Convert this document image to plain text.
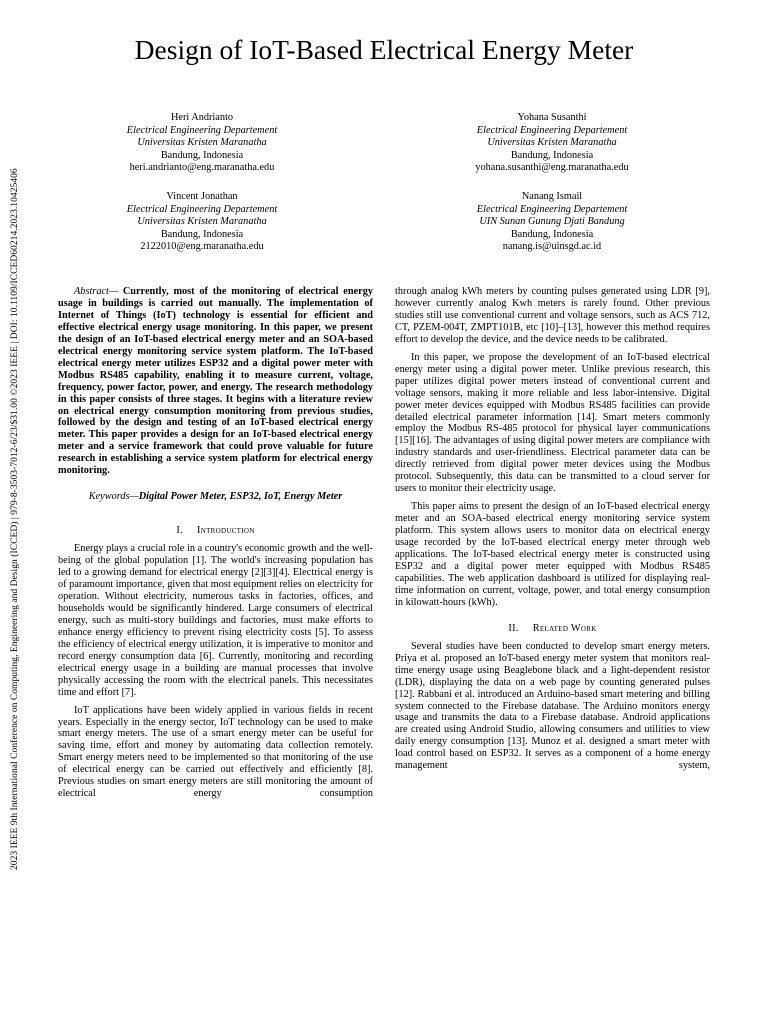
2023 IEEE 9th International Conference on Computing, Engineering and Design (ICCED) | 979-8-3503-7012-6/23/$31.00 ©2023 IEEE | DOI: 10.1109/ICCED60214.2023.10425406
Design of IoT-Based Electrical Energy Meter
Heri Andrianto
Electrical Engineering Departement
Universitas Kristen Maranatha
Bandung, Indonesia
heri.andrianto@eng.maranatha.edu
Yohana Susanthi
Electrical Engineering Departement
Universitas Kristen Maranatha
Bandung, Indonesia
yohana.susanthi@eng.maranatha.edu
Vincent Jonathan
Electrical Engineering Departement
Universitas Kristen Maranatha
Bandung, Indonesia
2122010@eng.maranatha.edu
Nanang Ismail
Electrical Engineering Departement
UIN Sunan Gunung Djati Bandung
Bandung, Indonesia
nanang.is@uinsgd.ac.id

Abstract— Currently, most of the monitoring of electrical energy usage in buildings is carried out manually. The implementation of Internet of Things (IoT) technology is essential for efficient and effective electrical energy usage monitoring. In this paper, we present the design of an IoT-based electrical energy meter and an SOA-based electrical energy monitoring service system platform. The IoT-based electrical energy meter utilizes ESP32 and a digital power meter with Modbus RS485 capability, enabling it to measure current, voltage, frequency, power factor, power, and energy. The research methodology in this paper consists of three stages. It begins with a literature review on electrical energy consumption monitoring from previous studies, followed by the design and testing of an IoT-based electrical energy meter. This paper provides a design for an IoT-based electrical energy meter and a service framework that could prove valuable for future research in establishing a service system platform for electrical energy monitoring.

Keywords—Digital Power Meter, ESP32, IoT, Energy Meter

I. Introduction

Energy plays a crucial role in a country's economic growth and the well-being of the global population [1]. The world's increasing population has led to a growing demand for electrical energy [2][3][4]. Electrical energy is of paramount importance, given that most equipment relies on electricity for operation. Without electricity, numerous tasks in factories, offices, and households would be significantly hindered. Large consumers of electrical energy, such as multi-story buildings and factories, must make efforts to enhance energy efficiency to prevent rising electricity costs [5]. To assess the efficiency of electrical energy utilization, it is imperative to monitor and record energy consumption data [6]. Currently, monitoring and recording electrical energy usage in a building are manual processes that involve physically accessing the room with the electrical panels. This necessitates time and effort [7].

IoT applications have been widely applied in various fields in recent years. Especially in the energy sector, IoT technology can be used to make smart energy meters. The use of a smart energy meter can be useful for saving time, effort and money by automating data collection remotely. Smart energy meters need to be implemented so that monitoring of the use of electrical energy can be carried out effectively and efficiently [8]. Previous studies on smart energy meters are still monitoring the amount of electrical energy consumption

through analog kWh meters by counting pulses generated using LDR [9], however currently analog Kwh meters is rarely found. Other previous studies still use conventional current and voltage sensors, such as ACS 712, CT, PZEM-004T, ZMPT101B, etc [10]–[13], however this method requires effort to develop the device, and the device needs to be calibrated.

In this paper, we propose the development of an IoT-based electrical energy meter using a digital power meter. Unlike previous research, this paper utilizes digital power meters instead of conventional current and voltage sensors, making it more reliable and less labor-intensive. Digital power meter devices equipped with Modbus RS485 facilities can provide detailed electrical parameter information [14]. Smart meters commonly employ the Modbus RS-485 protocol for physical layer communications [15][16]. The advantages of using digital power meters are compliance with industry standards and user-friendliness. Electrical parameter data can be directly retrieved from digital power meter devices using the Modbus protocol. Subsequently, this data can be transmitted to a cloud server for users to monitor their electricity usage.

This paper aims to present the design of an IoT-based electrical energy meter and an SOA-based electrical energy monitoring service system platform. This system allows users to monitor data on electrical energy usage recorded by the IoT-based electrical energy meter through web applications. The IoT-based electrical energy meter is constructed using ESP32 and a digital power meter equipped with Modbus RS485 capabilities. The web application dashboard is utilized for displaying real-time information on current, voltage, power, and total energy consumption in kilowatt-hours (kWh).

II. Related Work

Several studies have been conducted to develop smart energy meters. Priya et al. proposed an IoT-based energy meter system that monitors real-time energy usage using Beaglebone black and a light-dependent resistor (LDR), displaying the data on a web page by counting generated pulses [12]. Rabbani et al. introduced an Arduino-based smart metering and billing system connected to the Firebase database. The Arduino monitors energy usage and transmits the data to a Firebase database. Android applications are created using Android Studio, allowing consumers and utilities to view daily energy consumption [13]. Munoz et al. designed a smart meter with load control based on ESP32. It serves as a component of a home energy management system,
